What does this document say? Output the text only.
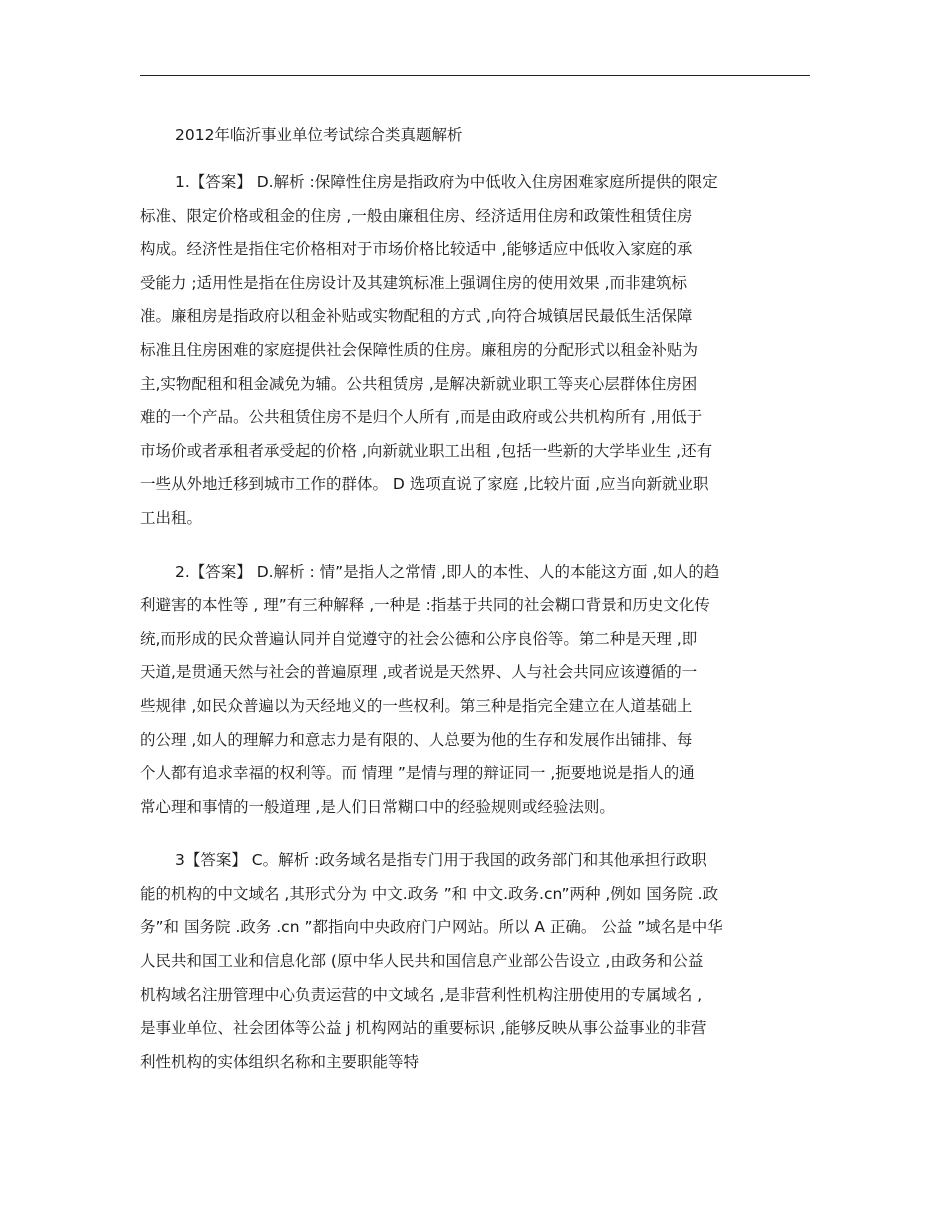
2012年临沂事业单位考试综合类真题解析
1.【答案】 D.解析 :保障性住房是指政府为中低收入住房困难家庭所提供的限定
标准、限定价格或租金的住房 ,一般由廉租住房、经济适用住房和政策性租赁住房
构成。经济性是指住宅价格相对于市场价格比较适中 ,能够适应中低收入家庭的承
受能力 ;适用性是指在住房设计及其建筑标准上强调住房的使用效果 ,而非建筑标
准。廉租房是指政府以租金补贴或实物配租的方式 ,向符合城镇居民最低生活保障
标准且住房困难的家庭提供社会保障性质的住房。廉租房的分配形式以租金补贴为
主,实物配租和租金减免为辅。公共租赁房 ,是解决新就业职工等夹心层群体住房困
难的一个产品。公共租赁住房不是归个人所有 ,而是由政府或公共机构所有 ,用低于
市场价或者承租者承受起的价格 ,向新就业职工出租 ,包括一些新的大学毕业生 ,还有
一些从外地迁移到城市工作的群体。 D 选项直说了家庭 ,比较片面 ,应当向新就业职
工出租。
2.【答案】 D.解析 : 情”是指人之常情 ,即人的本性、人的本能这方面 ,如人的趋
利避害的本性等 , 理”有三种解释 ,一种是 :指基于共同的社会糊口背景和历史文化传
统,而形成的民众普遍认同并自觉遵守的社会公德和公序良俗等。第二种是天理 ,即
天道,是贯通天然与社会的普遍原理 ,或者说是天然界、人与社会共同应该遵循的一
些规律 ,如民众普遍以为天经地义的一些权利。第三种是指完全建立在人道基础上
的公理 ,如人的理解力和意志力是有限的、人总要为他的生存和发展作出铺排、每
个人都有追求幸福的权利等。而 情理 ”是情与理的辩证同一 ,扼要地说是指人的通
常心理和事情的一般道理 ,是人们日常糊口中的经验规则或经验法则。
3【答案】 C。解析 :政务域名是指专门用于我国的政务部门和其他承担行政职
能的机构的中文域名 ,其形式分为 中文.政务 ”和 中文.政务.cn”两种 ,例如 国务院 .政
务”和 国务院 .政务 .cn ”都指向中央政府门户网站。所以 A 正确。 公益 ”域名是中华
人民共和国工业和信息化部 (原中华人民共和国信息产业部公告设立 ,由政务和公益
机构域名注册管理中心负责运营的中文域名 ,是非营利性机构注册使用的专属域名 ,
是事业单位、社会团体等公益 j 机构网站的重要标识 ,能够反映从事公益事业的非营
利性机构的实体组织名称和主要职能等特
